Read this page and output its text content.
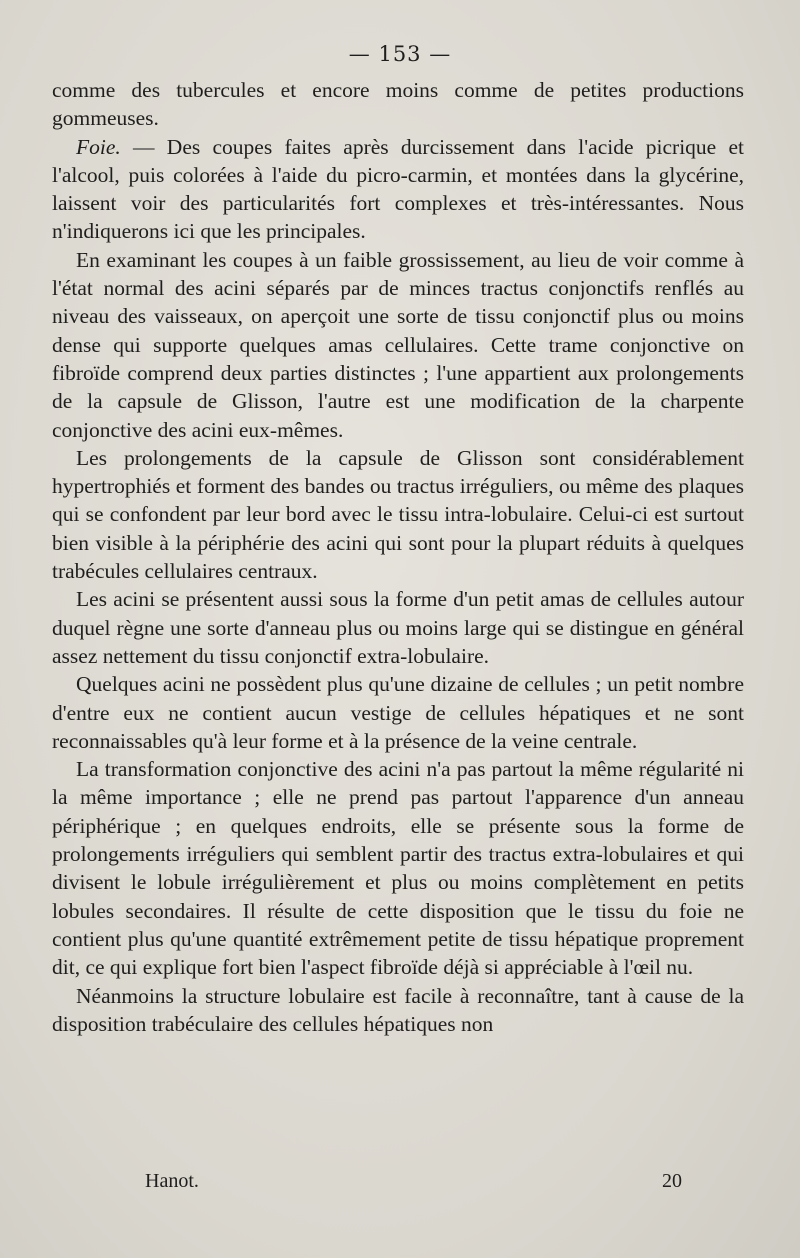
— 153 —

comme des tubercules et encore moins comme de petites productions gommeuses.

Foie. — Des coupes faites après durcissement dans l'acide picrique et l'alcool, puis colorées à l'aide du picro-carmin, et montées dans la glycérine, laissent voir des particularités fort complexes et très-intéressantes. Nous n'indiquerons ici que les principales.

En examinant les coupes à un faible grossissement, au lieu de voir comme à l'état normal des acini séparés par de minces tractus conjonctifs renflés au niveau des vaisseaux, on aperçoit une sorte de tissu conjonctif plus ou moins dense qui supporte quelques amas cellulaires. Cette trame conjonctive on fibroïde comprend deux parties distinctes ; l'une appartient aux prolongements de la capsule de Glisson, l'autre est une modification de la charpente conjonctive des acini eux-mêmes.

Les prolongements de la capsule de Glisson sont considérablement hypertrophiés et forment des bandes ou tractus irréguliers, ou même des plaques qui se confondent par leur bord avec le tissu intra-lobulaire. Celui-ci est surtout bien visible à la périphérie des acini qui sont pour la plupart réduits à quelques trabécules cellulaires centraux.

Les acini se présentent aussi sous la forme d'un petit amas de cellules autour duquel règne une sorte d'anneau plus ou moins large qui se distingue en général assez nettement du tissu conjonctif extra-lobulaire.

Quelques acini ne possèdent plus qu'une dizaine de cellules ; un petit nombre d'entre eux ne contient aucun vestige de cellules hépatiques et ne sont reconnaissables qu'à leur forme et à la présence de la veine centrale.

La transformation conjonctive des acini n'a pas partout la même régularité ni la même importance ; elle ne prend pas partout l'apparence d'un anneau périphérique ; en quelques endroits, elle se présente sous la forme de prolongements irréguliers qui semblent partir des tractus extra-lobulaires et qui divisent le lobule irrégulièrement et plus ou moins complètement en petits lobules secondaires. Il résulte de cette disposition que le tissu du foie ne contient plus qu'une quantité extrêmement petite de tissu hépatique proprement dit, ce qui explique fort bien l'aspect fibroïde déjà si appréciable à l'œil nu.

Néanmoins la structure lobulaire est facile à reconnaître, tant à cause de la disposition trabéculaire des cellules hépatiques non

Hanot.	20
